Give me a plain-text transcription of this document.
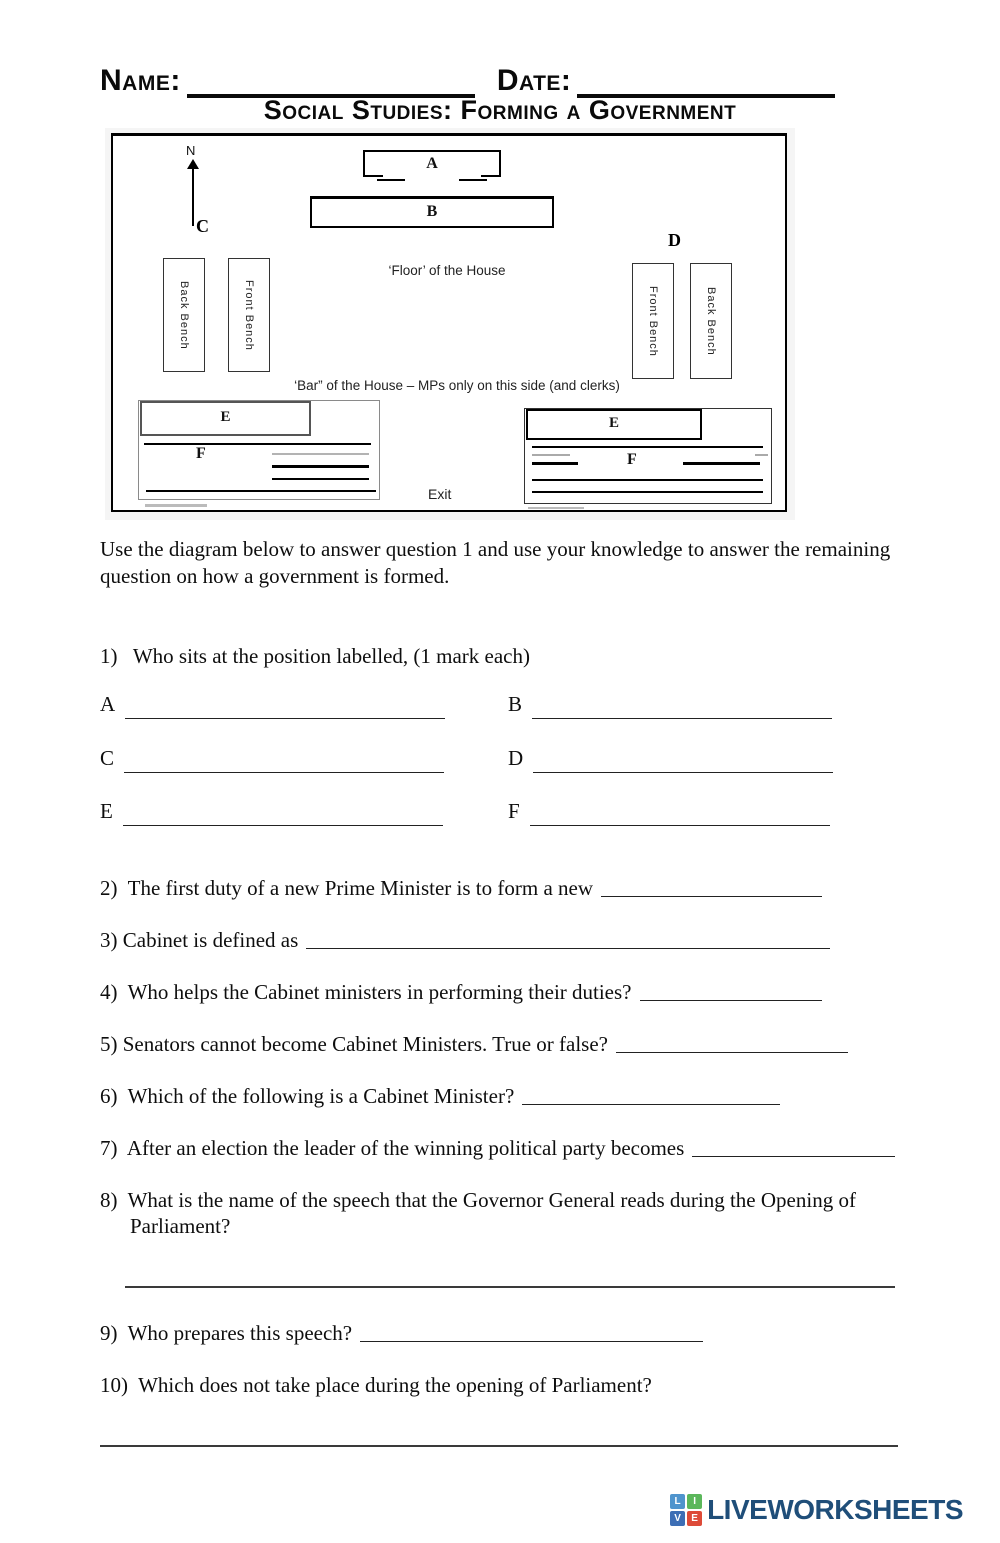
Name:	Date:
Social Studies: Forming a Government
N
A
B
C
D
‘Floor’ of the House
Back Bench	Front Bench	Front Bench	Back Bench
‘Bar” of the House – MPs only on this side (and clerks)
E
F
E
F
Exit
Use the diagram below to answer question 1 and use your knowledge to answer the remaining question on how a government is formed.
1)   Who sits at the position labelled, (1 mark each)
A	B
C	D
E	F
2)  The first duty of a new Prime Minister is to form a new
3) Cabinet is defined as
4)  Who helps the Cabinet ministers in performing their duties?
5) Senators cannot become Cabinet Ministers. True or false?
6)  Which of the following is a Cabinet Minister?
7)  After an election the leader of the winning political party becomes
8)  What is the name of the speech that the Governor General reads during the Opening of Parliament?
9)  Who prepares this speech?
10)  Which does not take place during the opening of Parliament?
L	I
V	E LIVEWORKSHEETS
